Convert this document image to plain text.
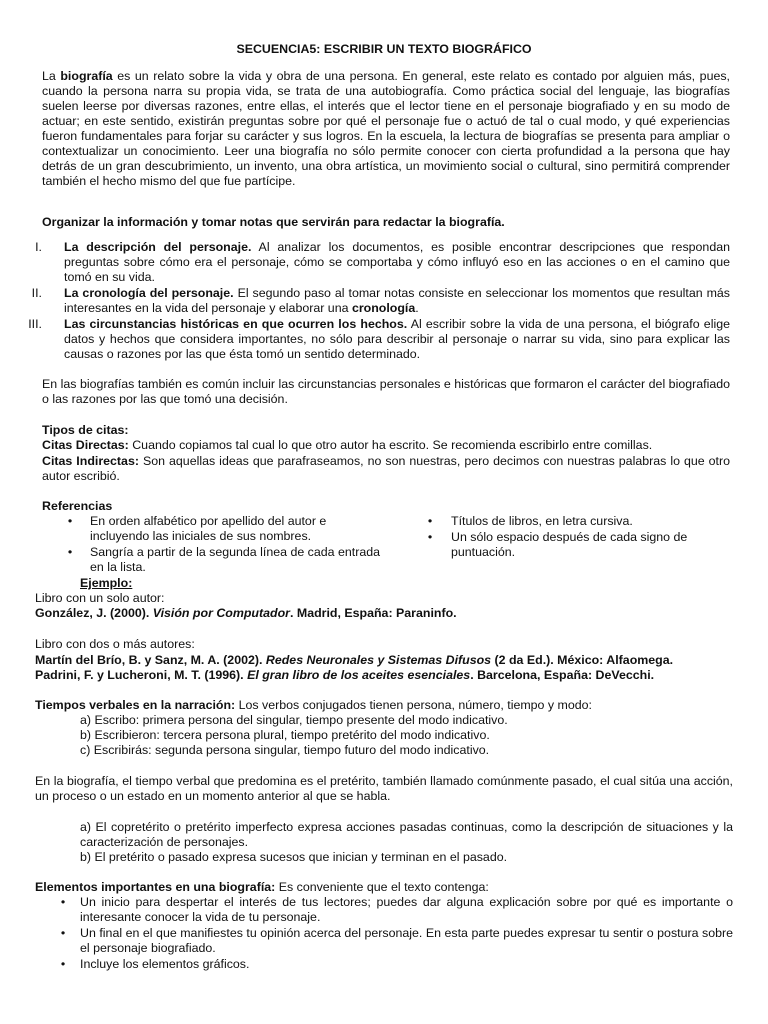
SECUENCIA5: ESCRIBIR UN TEXTO BIOGRÁFICO

La biografía es un relato sobre la vida y obra de una persona. En general, este relato es contado por alguien más, pues, cuando la persona narra su propia vida, se trata de una autobiografía. Como práctica social del lenguaje, las biografías suelen leerse por diversas razones, entre ellas, el interés que el lector tiene en el personaje biografiado y en su modo de actuar; en este sentido, existirán preguntas sobre por qué el personaje fue o actuó de tal o cual modo, y qué experiencias fueron fundamentales para forjar su carácter y sus logros. En la escuela, la lectura de biografías se presenta para ampliar o contextualizar un conocimiento. Leer una biografía no sólo permite conocer con cierta profundidad a la persona que hay detrás de un gran descubrimiento, un invento, una obra artística, un movimiento social o cultural, sino permitirá comprender también el hecho mismo del que fue partícipe.

Organizar la información y tomar notas que servirán para redactar la biografía.

I. La descripción del personaje. Al analizar los documentos, es posible encontrar descripciones que respondan preguntas sobre cómo era el personaje, cómo se comportaba y cómo influyó eso en las acciones o en el camino que tomó en su vida.

II. La cronología del personaje. El segundo paso al tomar notas consiste en seleccionar los momentos que resultan más interesantes en la vida del personaje y elaborar una cronología.

III. Las circunstancias históricas en que ocurren los hechos. Al escribir sobre la vida de una persona, el biógrafo elige datos y hechos que considera importantes, no sólo para describir al personaje o narrar su vida, sino para explicar las causas o razones por las que ésta tomó un sentido determinado.

En las biografías también es común incluir las circunstancias personales e históricas que formaron el carácter del biografiado o las razones por las que tomó una decisión.

Tipos de citas:

Citas Directas: Cuando copiamos tal cual lo que otro autor ha escrito. Se recomienda escribirlo entre comillas.

Citas Indirectas: Son aquellas ideas que parafraseamos, no son nuestras, pero decimos con nuestras palabras lo que otro autor escribió.

Referencias

• En orden alfabético por apellido del autor e incluyendo las iniciales de sus nombres.

• Sangría a partir de la segunda línea de cada entrada en la lista.

• Títulos de libros, en letra cursiva.

• Un sólo espacio después de cada signo de puntuación.

Ejemplo:

Libro con un solo autor:

González, J. (2000). Visión por Computador. Madrid, España: Paraninfo.

Libro con dos o más autores:

Martín del Brío, B. y Sanz, M. A. (2002). Redes Neuronales y Sistemas Difusos (2 da Ed.). México: Alfaomega.

Padrini, F. y Lucheroni, M. T. (1996). El gran libro de los aceites esenciales. Barcelona, España: DeVecchi.

Tiempos verbales en la narración: Los verbos conjugados tienen persona, número, tiempo y modo:

a) Escribo: primera persona del singular, tiempo presente del modo indicativo.

b) Escribieron: tercera persona plural, tiempo pretérito del modo indicativo.

c) Escribirás: segunda persona singular, tiempo futuro del modo indicativo.

En la biografía, el tiempo verbal que predomina es el pretérito, también llamado comúnmente pasado, el cual sitúa una acción, un proceso o un estado en un momento anterior al que se habla.

a) El copretérito o pretérito imperfecto expresa acciones pasadas continuas, como la descripción de situaciones y la caracterización de personajes.

b) El pretérito o pasado expresa sucesos que inician y terminan en el pasado.

Elementos importantes en una biografía: Es conveniente que el texto contenga:

• Un inicio para despertar el interés de tus lectores; puedes dar alguna explicación sobre por qué es importante o interesante conocer la vida de tu personaje.

• Un final en el que manifiestes tu opinión acerca del personaje. En esta parte puedes expresar tu sentir o postura sobre el personaje biografiado.

• Incluye los elementos gráficos.
